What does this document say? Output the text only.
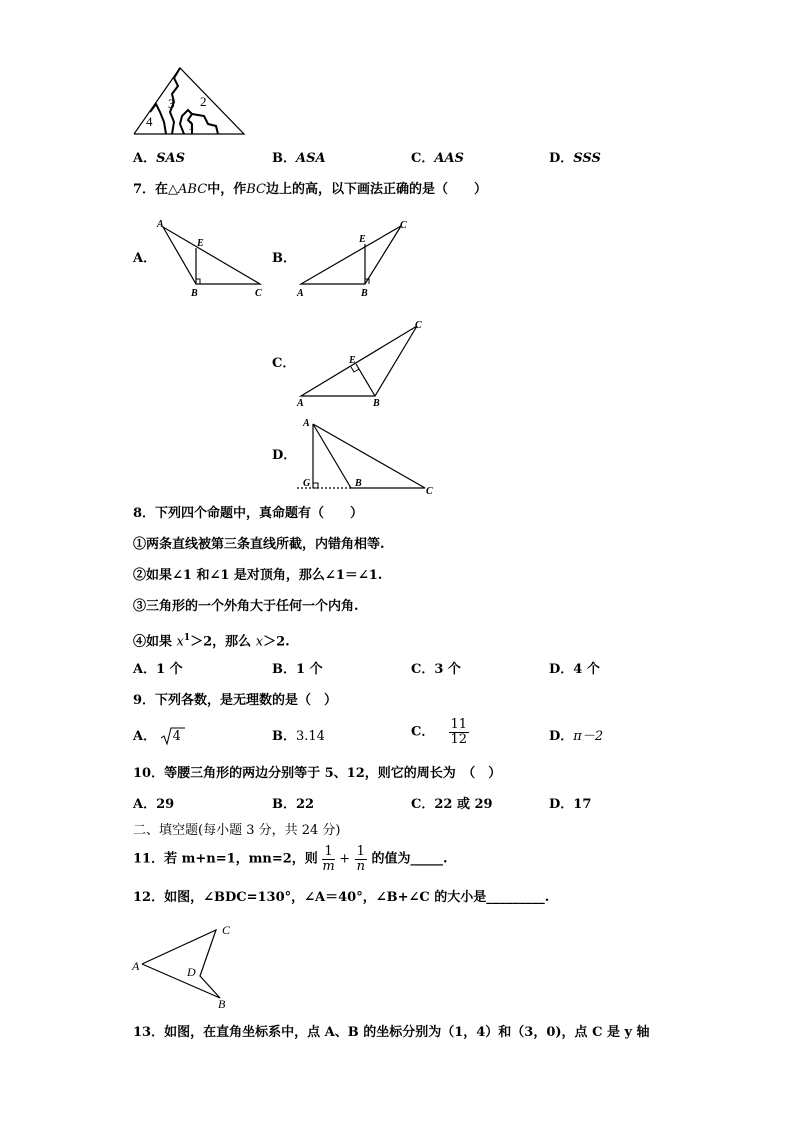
3 2
4	1
A．SAS	B．ASA	C．AAS	D．SSS
7．在△ABC中，作BC边上的高，以下画法正确的是（　　）
A．
A
E
B	C
B．
A
E
B
C
C．
A
E
B
C
D．
A
G	B
C
8．下列四个命题中，真命题有（　　）
①两条直线被第三条直线所截，内错角相等.
②如果∠1 和∠1 是对顶角，那么∠1＝∠1.
③三角形的一个外角大于任何一个内角.
④如果 $x^1>2$，那么 x＞2.
A．1 个	B．1 个	C．3 个	D．4 个
9．下列各数，是无理数的是（　）
A． 4	B．3.14	C． $\frac{11}{12}$	D．π－2
10．等腰三角形的两边分别等于 5、12，则它的周长为　（　）
A．29	B．22	C．22 或 29	D．17
二、填空题(每小题 3 分，共 24 分)
11．若 m+n=1，mn=2，则 $\frac{1}{m} + \frac{1}{n}$ 的值为_____.
12．如图，∠BDC=130°，∠A＝40°，∠B+∠C 的大小是_________.
A
C
D
B
13．如图，在直角坐标系中，点 A、B 的坐标分别为（1，4）和（3，0)，点 C 是 y 轴
